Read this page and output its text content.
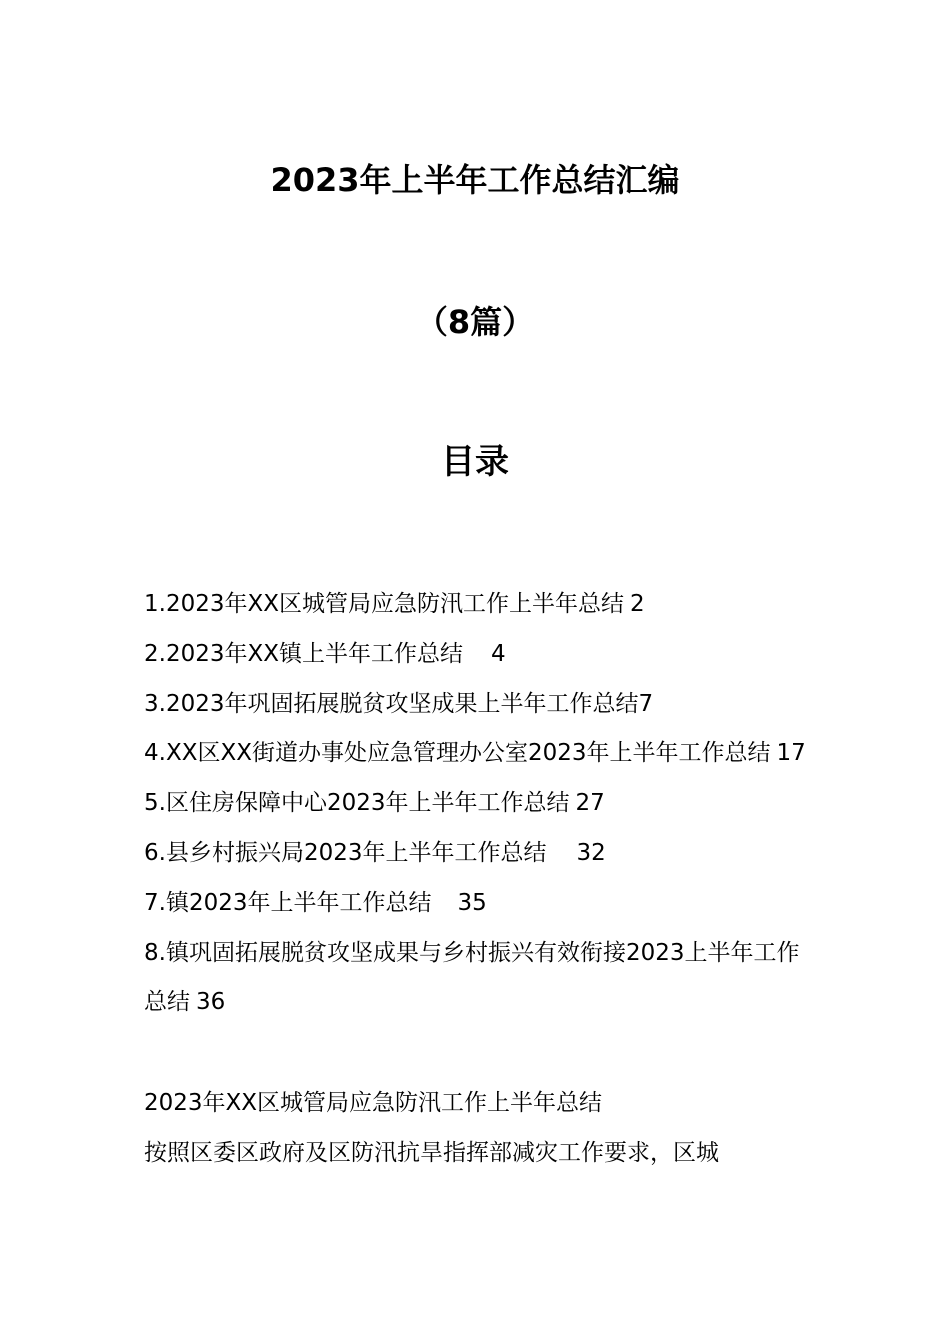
2023年上半年工作总结汇编
（8篇）
目录
1.2023年XX区城管局应急防汛工作上半年总结 2
2.2023年XX镇上半年工作总结 4
3.2023年巩固拓展脱贫攻坚成果上半年工作总结7
4.XX区XX街道办事处应急管理办公室2023年上半年工作总结 17
5.区住房保障中心2023年上半年工作总结 27
6.县乡村振兴局2023年上半年工作总结 32
7.镇2023年上半年工作总结 35
8.镇巩固拓展脱贫攻坚成果与乡村振兴有效衔接2023上半年工作总结 36

2023年XX区城管局应急防汛工作上半年总结

按照区委区政府及区防汛抗旱指挥部减灾工作要求，区城
